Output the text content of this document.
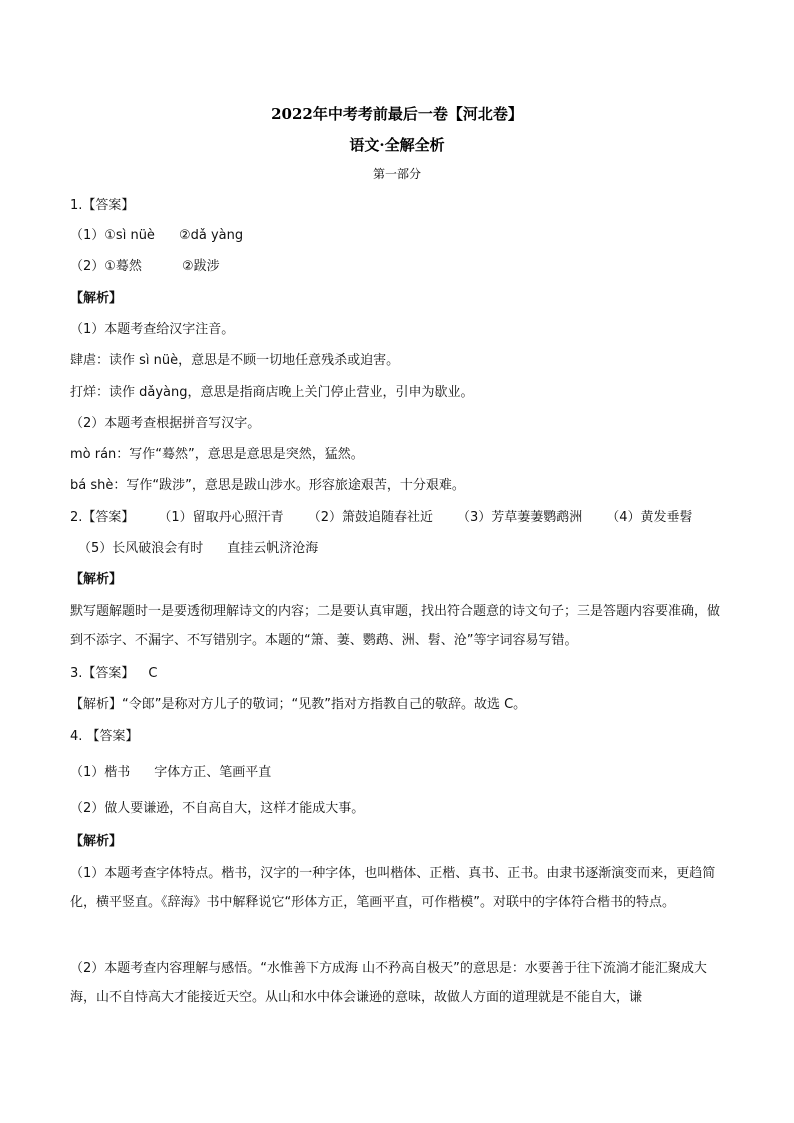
2022年中考考前最后一卷【河北卷】
语文·全解全析
第一部分
1.【答案】
（1）①sì nüè ②dǎ yàng
（2）①蓦然	②跋涉
【解析】
（1）本题考查给汉字注音。
肆虐：读作 sì nüè，意思是不顾一切地任意残杀或迫害。
打烊：读作 dǎyàng，意思是指商店晚上关门停止营业，引申为歇业。
（2）本题考查根据拼音写汉字。
mò rán：写作“蓦然”，意思是意思是突然，猛然。
bá shè：写作“跋涉”，意思是跋山涉水。形容旅途艰苦，十分艰难。
2.【答案】 （1）留取丹心照汗青 （2）箫鼓追随春社近 （3）芳草萋萋鹦鹉洲 （4）黄发垂髫
（5）长风破浪会有时 直挂云帆济沧海
【解析】
默写题解题时一是要透彻理解诗文的内容；二是要认真审题，找出符合题意的诗文句子；三是答题内容要准确，做到不添字、不漏字、不写错别字。本题的“箫、萋、鹦鹉、洲、髫、沧”等字词容易写错。
3.【答案】 C
【解析】“令郎”是称对方儿子的敬词；“见教”指对方指教自己的敬辞。故选 C。
4. 【答案】
（1）楷书 字体方正、笔画平直
（2）做人要谦逊，不自高自大，这样才能成大事。
【解析】
（1）本题考查字体特点。楷书，汉字的一种字体，也叫楷体、正楷、真书、正书。由隶书逐渐演变而来，更趋简化，横平竖直。《辞海》书中解释说它“形体方正，笔画平直，可作楷模”。对联中的字体符合楷书的特点。
（2）本题考查内容理解与感悟。“水惟善下方成海 山不矜高自极天”的意思是：水要善于往下流淌才能汇聚成大海，山不自恃高大才能接近天空。从山和水中体会谦逊的意味，故做人方面的道理就是不能自大，谦
